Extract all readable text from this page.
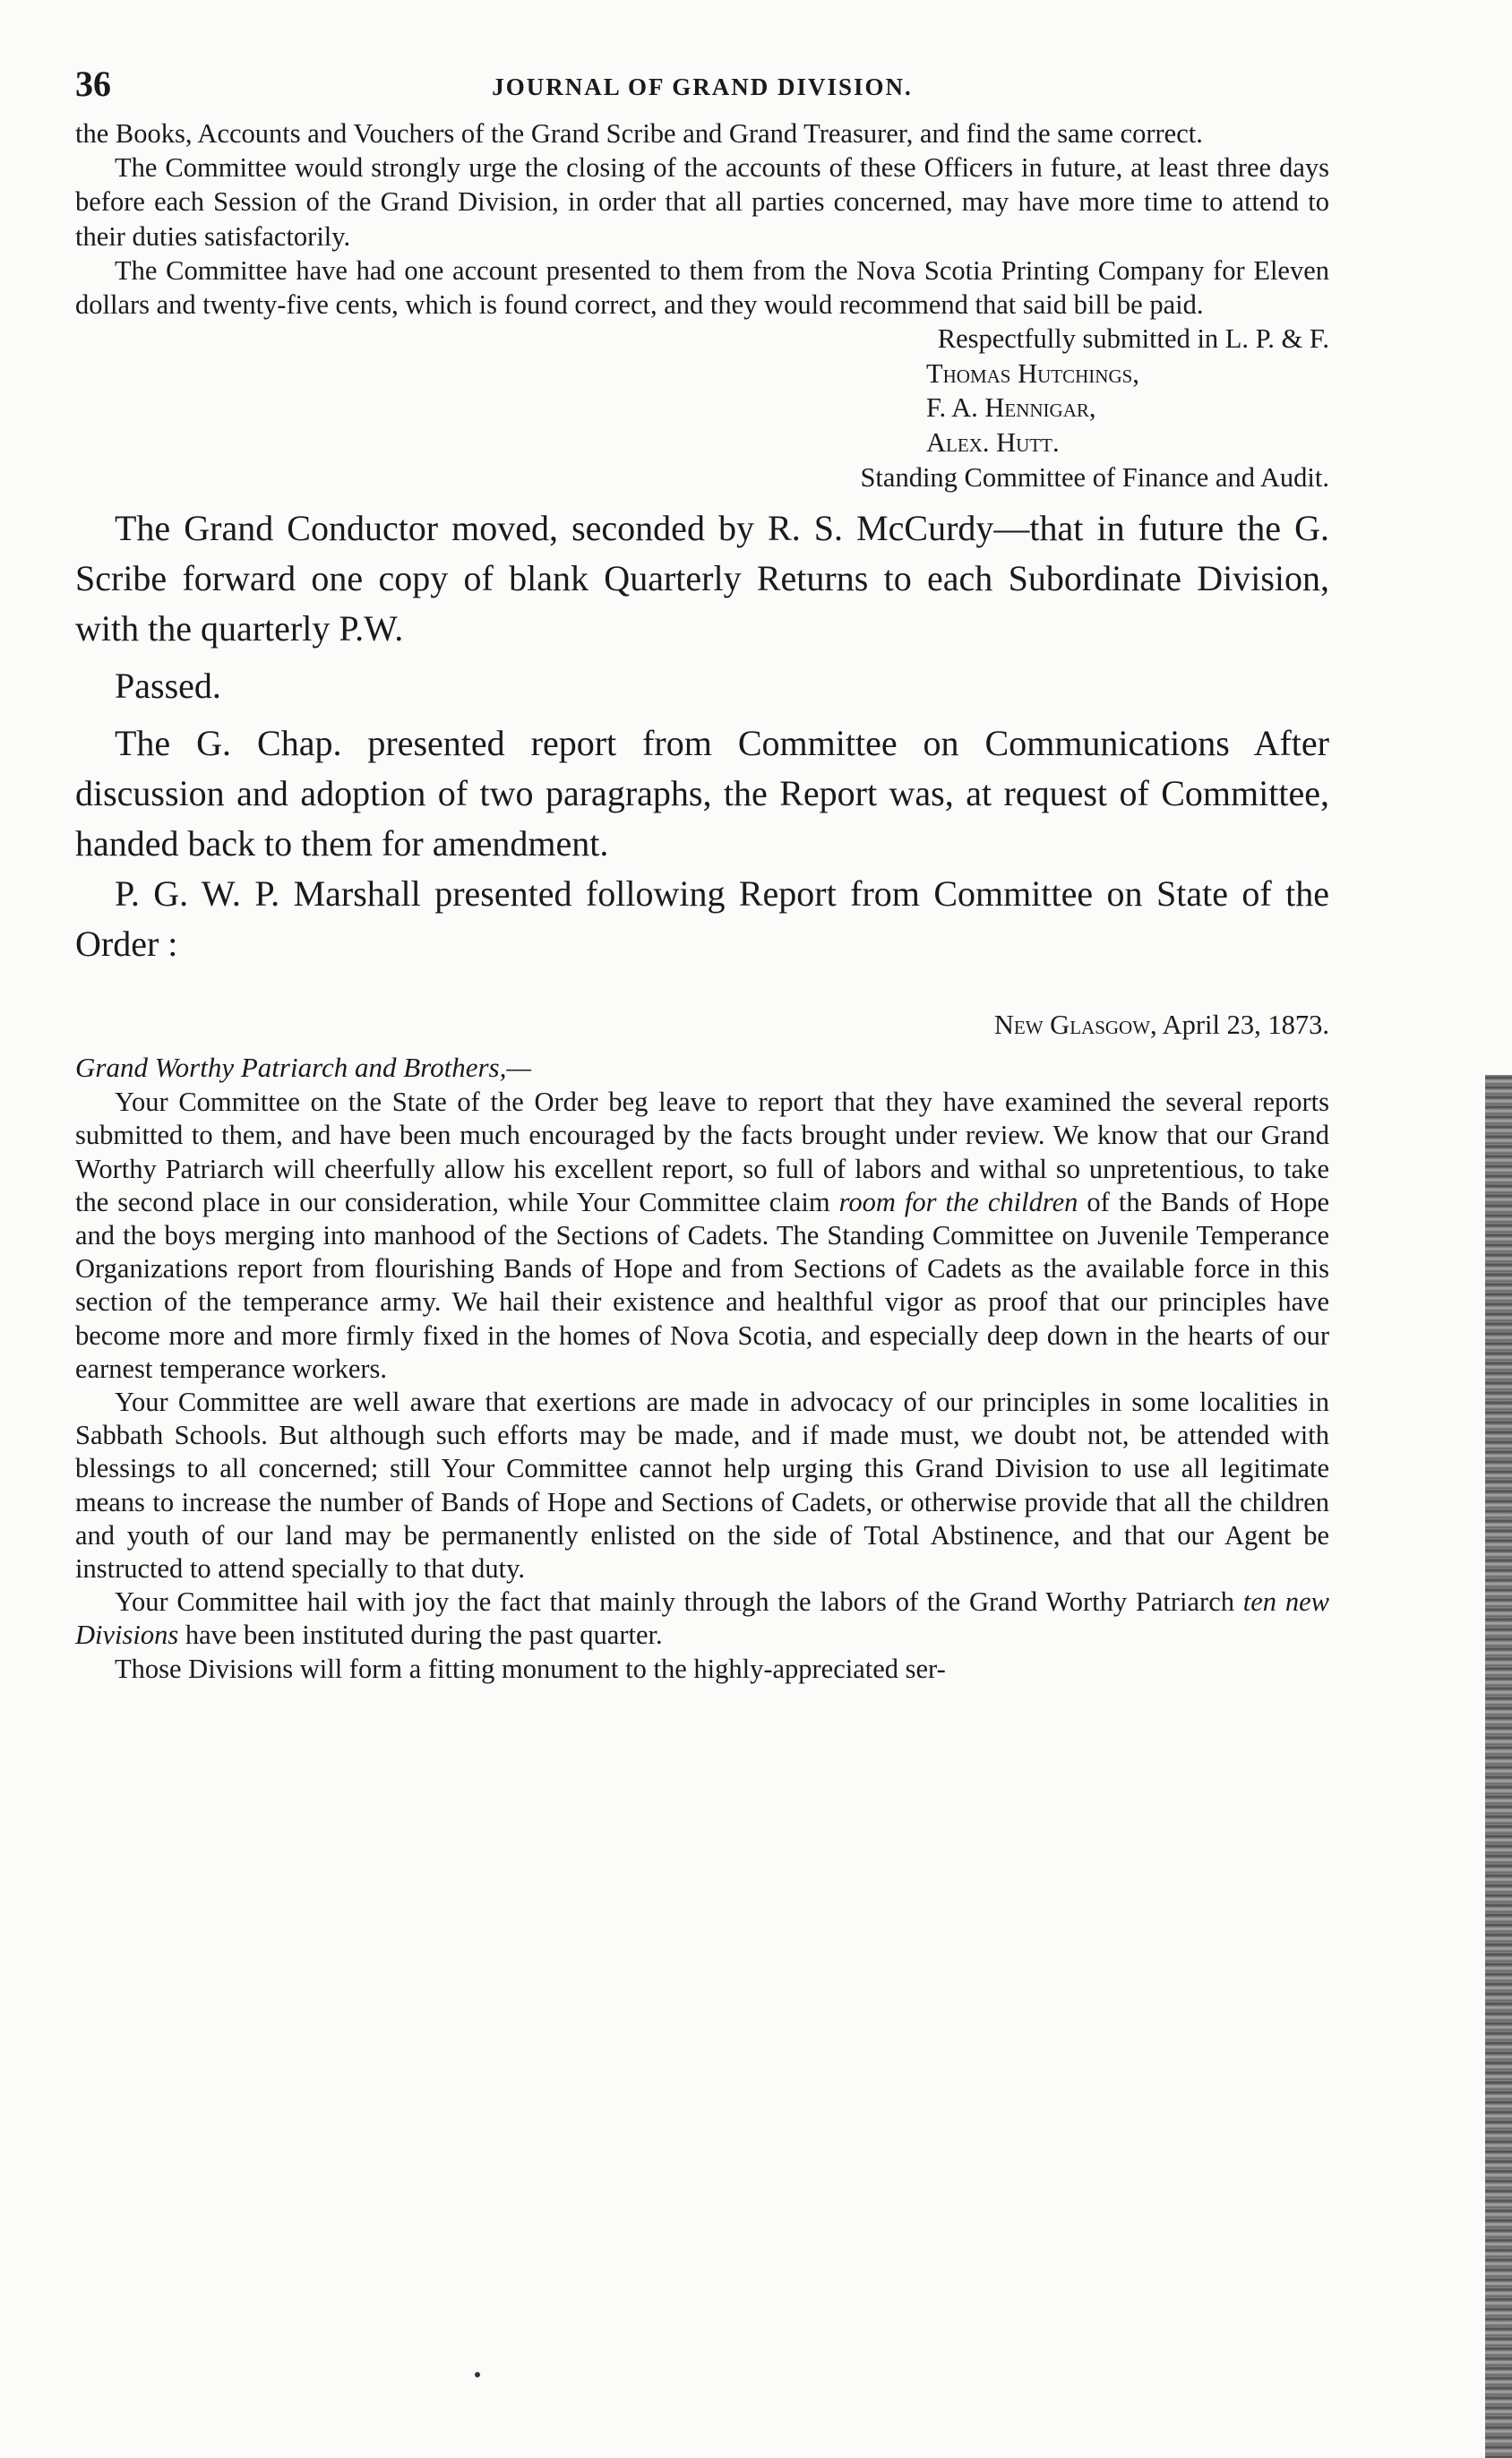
36	JOURNAL OF GRAND DIVISION.

the Books, Accounts and Vouchers of the Grand Scribe and Grand Treasurer, and find the same correct.

The Committee would strongly urge the closing of the accounts of these Officers in future, at least three days before each Session of the Grand Division, in order that all parties concerned, may have more time to attend to their duties satisfactorily.

The Committee have had one account presented to them from the Nova Scotia Printing Company for Eleven dollars and twenty-five cents, which is found correct, and they would recommend that said bill be paid.

Respectfully submitted in L. P. & F.
Thomas Hutchings,
F. A. Hennigar,
Alex. Hutt.
Standing Committee of Finance and Audit.

The Grand Conductor moved, seconded by R. S. McCurdy—that in future the G. Scribe forward one copy of blank Quarterly Returns to each Subordinate Division, with the quarterly P.W.

Passed.

The G. Chap. presented report from Committee on Communications After discussion and adoption of two paragraphs, the Report was, at request of Committee, handed back to them for amendment.

P. G. W. P. Marshall presented following Report from Committee on State of the Order :

New Glasgow, April 23, 1873.
Grand Worthy Patriarch and Brothers,—

Your Committee on the State of the Order beg leave to report that they have examined the several reports submitted to them, and have been much encouraged by the facts brought under review. We know that our Grand Worthy Patriarch will cheerfully allow his excellent report, so full of labors and withal so unpretentious, to take the second place in our consideration, while Your Committee claim room for the children of the Bands of Hope and the boys merging into manhood of the Sections of Cadets. The Standing Committee on Juvenile Temperance Organizations report from flourishing Bands of Hope and from Sections of Cadets as the available force in this section of the temperance army. We hail their existence and healthful vigor as proof that our principles have become more and more firmly fixed in the homes of Nova Scotia, and especially deep down in the hearts of our earnest temperance workers.

Your Committee are well aware that exertions are made in advocacy of our principles in some localities in Sabbath Schools. But although such efforts may be made, and if made must, we doubt not, be attended with blessings to all concerned; still Your Committee cannot help urging this Grand Division to use all legitimate means to increase the number of Bands of Hope and Sections of Cadets, or otherwise provide that all the children and youth of our land may be permanently enlisted on the side of Total Abstinence, and that our Agent be instructed to attend specially to that duty.

Your Committee hail with joy the fact that mainly through the labors of the Grand Worthy Patriarch ten new Divisions have been instituted during the past quarter.

Those Divisions will form a fitting monument to the highly-appreciated ser-
